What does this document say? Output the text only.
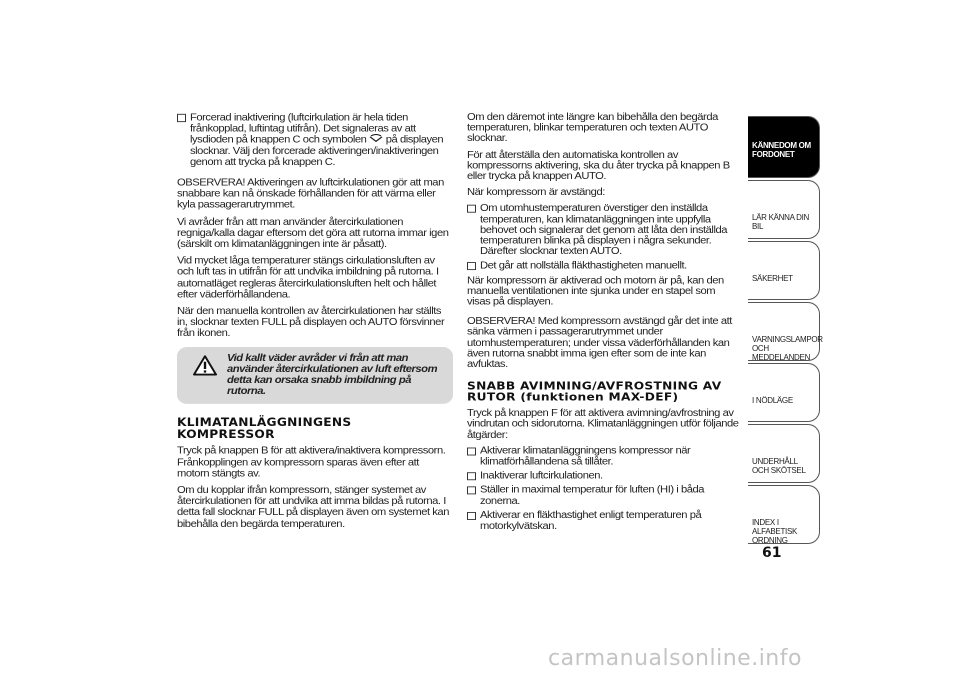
Forcerad inaktivering (luftcirkulation är hela tiden frånkopplad, luftintag utifrån). Det signaleras av att lysdioden på knappen C och symbolen på displayen slocknar. Välj den forcerade aktiveringen/inaktiveringen genom att trycka på knappen C.

OBSERVERA! Aktiveringen av luftcirkulationen gör att man snabbare kan nå önskade förhållanden för att värma eller kyla passagerarutrymmet.

Vi avråder från att man använder återcirkulationen regniga/kalla dagar eftersom det göra att rutorna immar igen (särskilt om klimatanläggningen inte är påsatt).

Vid mycket låga temperaturer stängs cirkulationsluften av och luft tas in utifrån för att undvika imbildning på rutorna. I automatläget regleras återcirkulationsluften helt och hållet efter väderförhållandena.

När den manuella kontrollen av återcirkulationen har ställts in, slocknar texten FULL på displayen och AUTO försvinner från ikonen.

Vid kallt väder avråder vi från att man använder återcirkulationen av luft eftersom detta kan orsaka snabb imbildning på rutorna.
KLIMATANLÄGGNINGENS KOMPRESSOR

Tryck på knappen B för att aktivera/inaktivera kompressorn. Frånkopplingen av kompressorn sparas även efter att motorn stängts av.

Om du kopplar ifrån kompressorn, stänger systemet av återcirkulationen för att undvika att imma bildas på rutorna. I detta fall slocknar FULL på displayen även om systemet kan bibehålla den begärda temperaturen.

Om den däremot inte längre kan bibehålla den begärda temperaturen, blinkar temperaturen och texten AUTO slocknar.

För att återställa den automatiska kontrollen av kompressorns aktivering, ska du åter trycka på knappen B eller trycka på knappen AUTO.

När kompressorn är avstängd:

Om utomhustemperaturen överstiger den inställda temperaturen, kan klimatanläggningen inte uppfylla behovet och signalerar det genom att låta den inställda temperaturen blinka på displayen i några sekunder. Därefter slocknar texten AUTO.
Det går att nollställa fläkthastigheten manuellt.

När kompressorn är aktiverad och motorn är på, kan den manuella ventilationen inte sjunka under en stapel som visas på displayen.

OBSERVERA! Med kompressorn avstängd går det inte att sänka värmen i passagerarutrymmet under utomhustemperaturen; under vissa väderförhållanden kan även rutorna snabbt imma igen efter som de inte kan avfuktas.

SNABB AVIMNING/AVFROSTNING AV RUTOR (funktionen MAX-DEF)

Tryck på knappen F för att aktivera avimning/avfrostning av vindrutan och sidorutorna. Klimatanläggningen utför följande åtgärder:

Aktiverar klimatanläggningens kompressor när klimatförhållandena så tillåter.
Inaktiverar luftcirkulationen.
Ställer in maximal temperatur för luften (HI) i båda zonerna.
Aktiverar en fläkthastighet enligt temperaturen på motorkylvätskan.
KÄNNEDOM OM FORDONET
LÄR KÄNNA DIN BIL
SÄKERHET
VARNINGSLAMPOR OCH MEDDELANDEN
I NÖDLÄGE
UNDERHÅLL OCH SKÖTSEL
INDEX I ALFABETISK ORDNING
61
carmanualsonline.info
